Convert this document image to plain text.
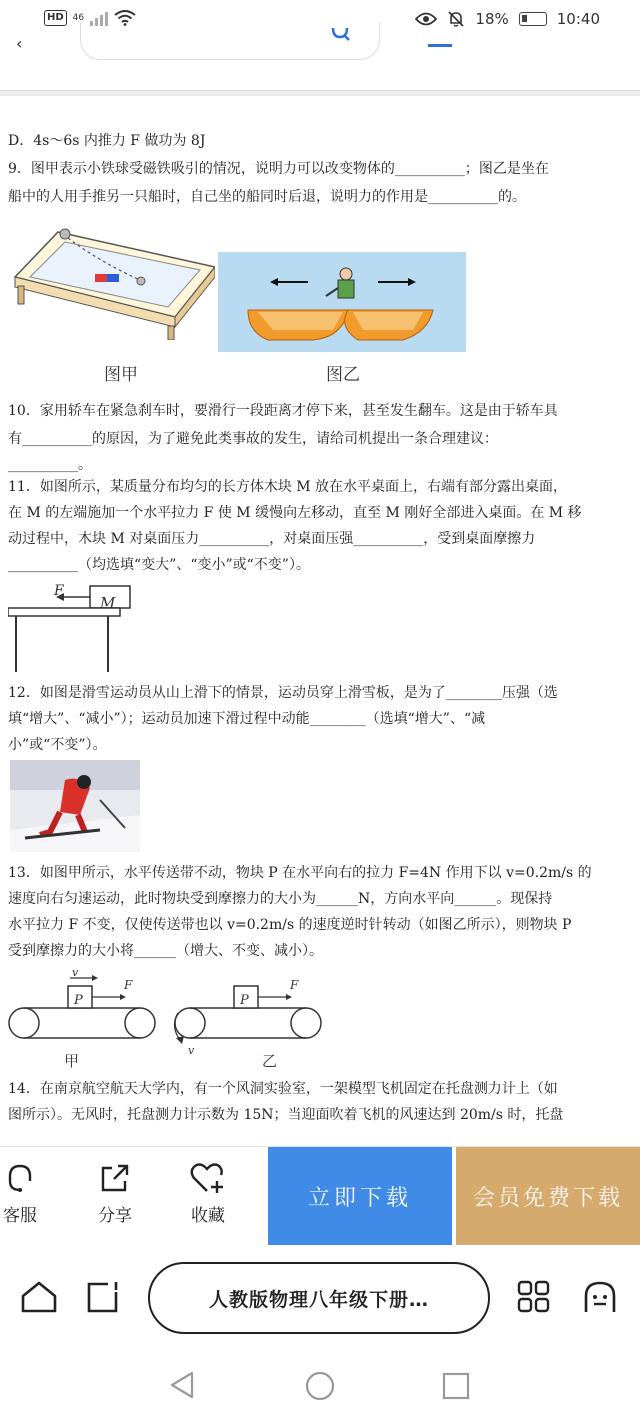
HD	46	18%	10:40
‹
D．4s～6s 内推力 F 做功为 8J
9．图甲表示小铁球受磁铁吸引的情况，说明力可以改变物体的__________；图乙是坐在
船中的人用手推另一只船时，自己坐的船同时后退，说明力的作用是__________的。
图甲	图乙
10．家用轿车在紧急刹车时，要滑行一段距离才停下来，甚至发生翻车。这是由于轿车具
有__________的原因，为了避免此类事故的发生，请给司机提出一条合理建议：
__________。
11．如图所示，某质量分布均匀的长方体木块 M 放在水平桌面上，右端有部分露出桌面，
在 M 的左端施加一个水平拉力 F 使 M 缓慢向左移动，直至 M 刚好全部进入桌面。在 M 移
动过程中，木块 M 对桌面压力__________，对桌面压强__________，受到桌面摩擦力
__________（均选填“变大”、“变小”或“不变”）。
F
M
12．如图是滑雪运动员从山上滑下的情景，运动员穿上滑雪板，是为了________压强（选
填“增大”、“减小”）；运动员加速下滑过程中动能________（选填“增大”、“减
小”或“不变”）。
13．如图甲所示，水平传送带不动，物块 P 在水平向右的拉力 F=4N 作用下以 v=0.2m/s 的
速度向右匀速运动，此时物块受到摩擦力的大小为______N，方向水平向______。现保持
水平拉力 F 不变，仅使传送带也以 v=0.2m/s 的速度逆时针转动（如图乙所示），则物块 P
受到摩擦力的大小将______（增大、不变、减小）。
v
P
F
P
F
v
甲	乙
14．在南京航空航天大学内，有一个风洞实验室，一架模型飞机固定在托盘测力计上（如
图所示）。无风时，托盘测力计示数为 15N；当迎面吹着飞机的风速达到 20m/s 时，托盘
客服	分享	收藏
立即下载	会员免费下载
人教版物理八年级下册…
